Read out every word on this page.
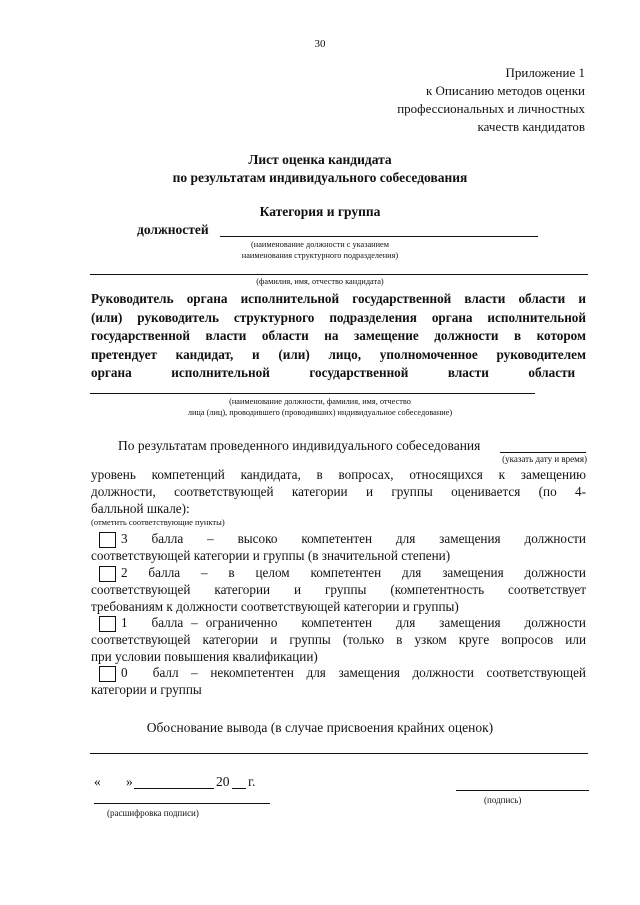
30
Приложение 1
к Описанию методов оценки
профессиональных и личностных
качеств кандидатов
Лист оценка кандидата
по результатам индивидуального собеседования
Категория и группа
должностей
(наименование должности с указанием
наименования структурного подразделения)
(фамилия, имя, отчество кандидата)
Руководитель органа исполнительной государственной власти области и
(или) руководитель структурного подразделения органа исполнительной
государственной власти области на замещение должности в котором
претендует кандидат, и (или) лицо, уполномоченное руководителем
органа            исполнительной            государственной            власти            области
(наименование должности, фамилия, имя, отчество
лица (лиц), проводившего (проводивших) индивидуальное собеседование)
По результатам проведенного индивидуального собеседования
(указать дату и время)
уровень компетенций кандидата, в вопросах, относящихся к замещению
должности, соответствующей категории и группы оценивается (по 4-
балльной шкале):
(отметить соответствующие пункты)
3    балла    –    высоко    компетентен    для    замещения    должности
соответствующей категории и группы (в значительной степени)
2    балла    –    в    целом    компетентен    для    замещения    должности
соответствующей    категории    и    группы    (компетентность    соответствует
требованиям к должности соответствующей категории и группы)
1   балла – ограниченно   компетентен   для   замещения   должности
соответствующей категории и группы (только в узком круге вопросов или
при условии повышения квалификации)
0  балл – некомпетентен для замещения должности соответствующей
категории и группы
Обоснование вывода (в случае присвоения крайних оценок)
« »	20 г.
(подпись)
(расшифровка подписи)
